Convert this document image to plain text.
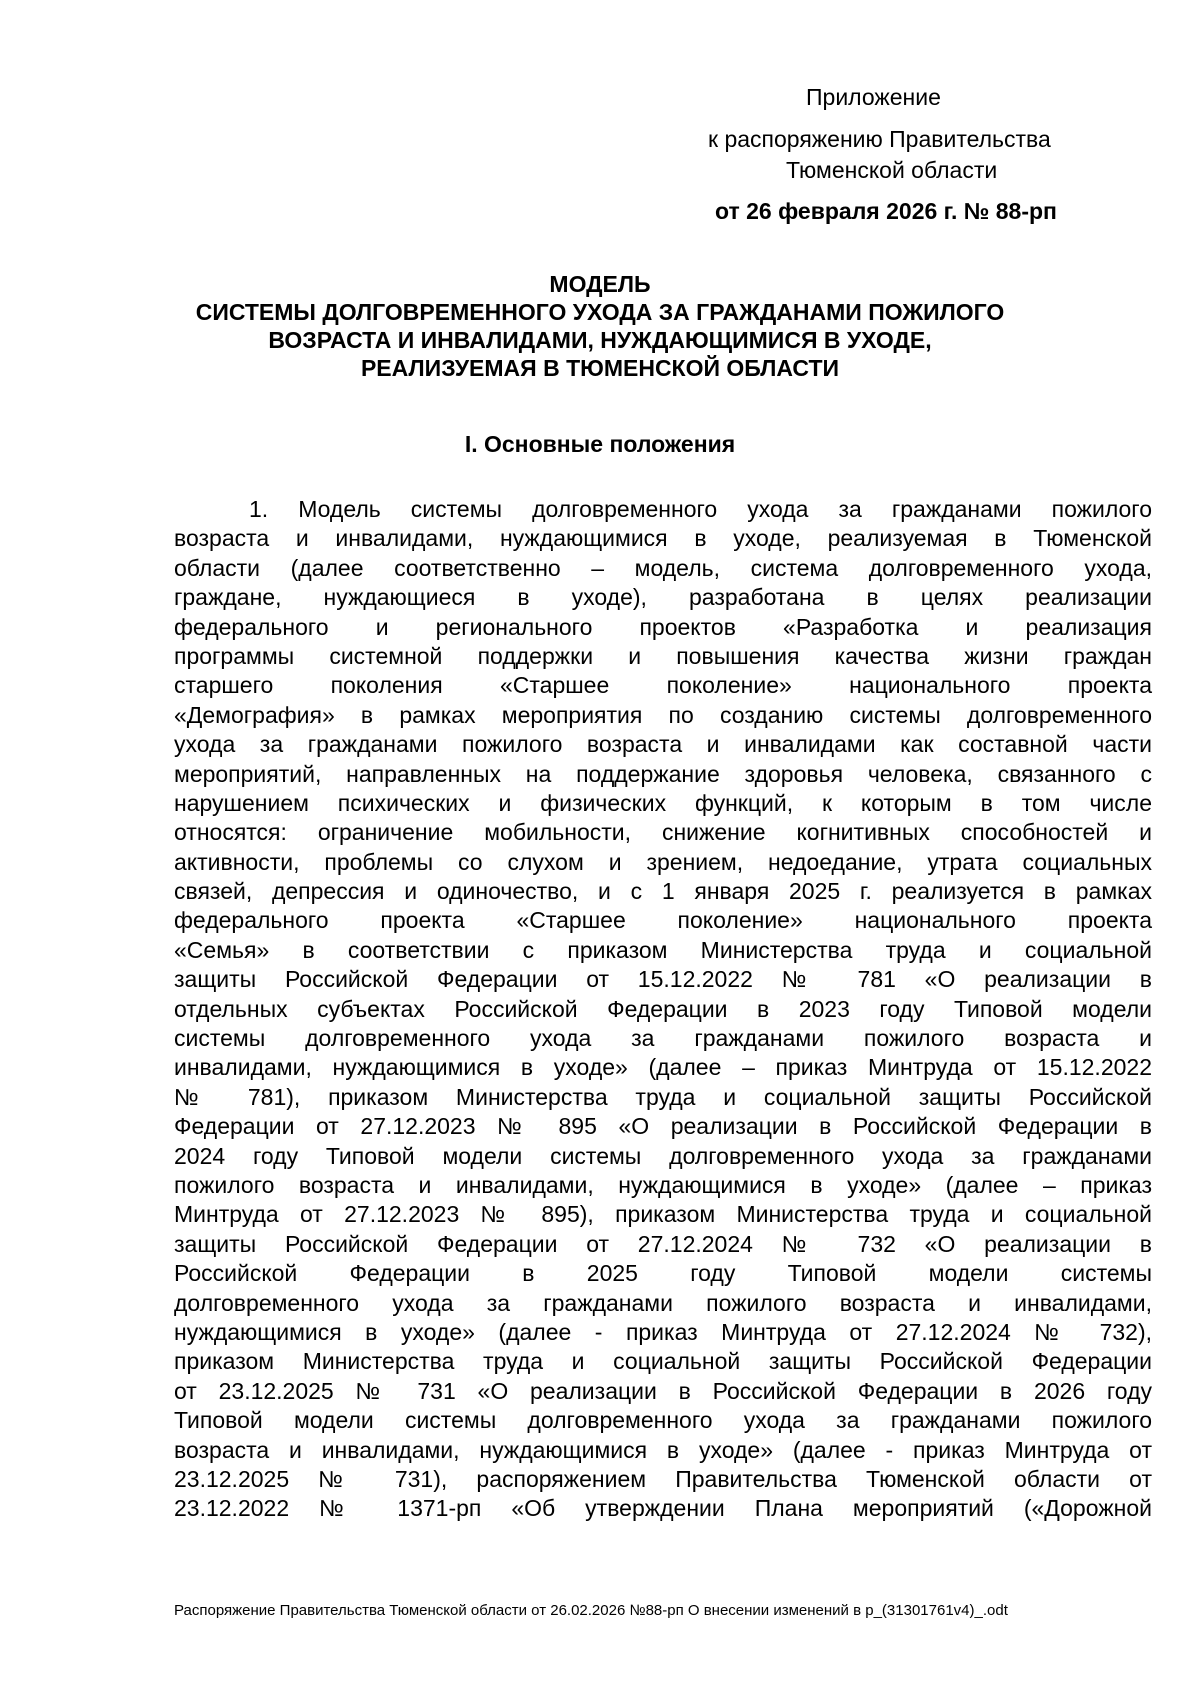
Приложение
к распоряжению Правительства
Тюменской области
от 26 февраля 2026 г. № 88-рп
МОДЕЛЬ
СИСТЕМЫ ДОЛГОВРЕМЕННОГО УХОДА ЗА ГРАЖДАНАМИ ПОЖИЛОГО
ВОЗРАСТА И ИНВАЛИДАМИ, НУЖДАЮЩИМИСЯ В УХОДЕ,
РЕАЛИЗУЕМАЯ В ТЮМЕНСКОЙ ОБЛАСТИ
I. Основные положения
1. Модель системы долговременного ухода за гражданами пожилого
возраста и инвалидами, нуждающимися в уходе, реализуемая в Тюменской
области (далее соответственно – модель, система долговременного ухода,
граждане, нуждающиеся в уходе), разработана в целях реализации
федерального и регионального проектов «Разработка и реализация
программы системной поддержки и повышения качества жизни граждан
старшего поколения «Старшее поколение» национального проекта
«Демография» в рамках мероприятия по созданию системы долговременного
ухода за гражданами пожилого возраста и инвалидами как составной части
мероприятий, направленных на поддержание здоровья человека, связанного с
нарушением психических и физических функций, к которым в том числе
относятся: ограничение мобильности, снижение когнитивных способностей и
активности, проблемы со слухом и зрением, недоедание, утрата социальных
связей, депрессия и одиночество, и с 1 января 2025 г. реализуется в рамках
федерального проекта «Старшее поколение» национального проекта
«Семья» в соответствии с приказом Министерства труда и социальной
защиты Российской Федерации от 15.12.2022 № 781 «О реализации в
отдельных субъектах Российской Федерации в 2023 году Типовой модели
системы долговременного ухода за гражданами пожилого возраста и
инвалидами, нуждающимися в уходе» (далее – приказ Минтруда от 15.12.2022
№ 781), приказом Министерства труда и социальной защиты Российской
Федерации от 27.12.2023 № 895 «О реализации в Российской Федерации в
2024 году Типовой модели системы долговременного ухода за гражданами
пожилого возраста и инвалидами, нуждающимися в уходе» (далее – приказ
Минтруда от 27.12.2023 № 895), приказом Министерства труда и социальной
защиты Российской Федерации от 27.12.2024 № 732 «О реализации в
Российской Федерации в 2025 году Типовой модели системы
долговременного ухода за гражданами пожилого возраста и инвалидами,
нуждающимися в уходе» (далее - приказ Минтруда от 27.12.2024 № 732),
приказом Министерства труда и социальной защиты Российской Федерации
от 23.12.2025 № 731 «О реализации в Российской Федерации в 2026 году
Типовой модели системы долговременного ухода за гражданами пожилого
возраста и инвалидами, нуждающимися в уходе» (далее - приказ Минтруда от
23.12.2025 № 731), распоряжением Правительства Тюменской области от
23.12.2022 № 1371-рп «Об утверждении Плана мероприятий («Дорожной
Распоряжение Правительства Тюменской области от 26.02.2026 №88-рп О внесении изменений в р_(31301761v4)_.odt
